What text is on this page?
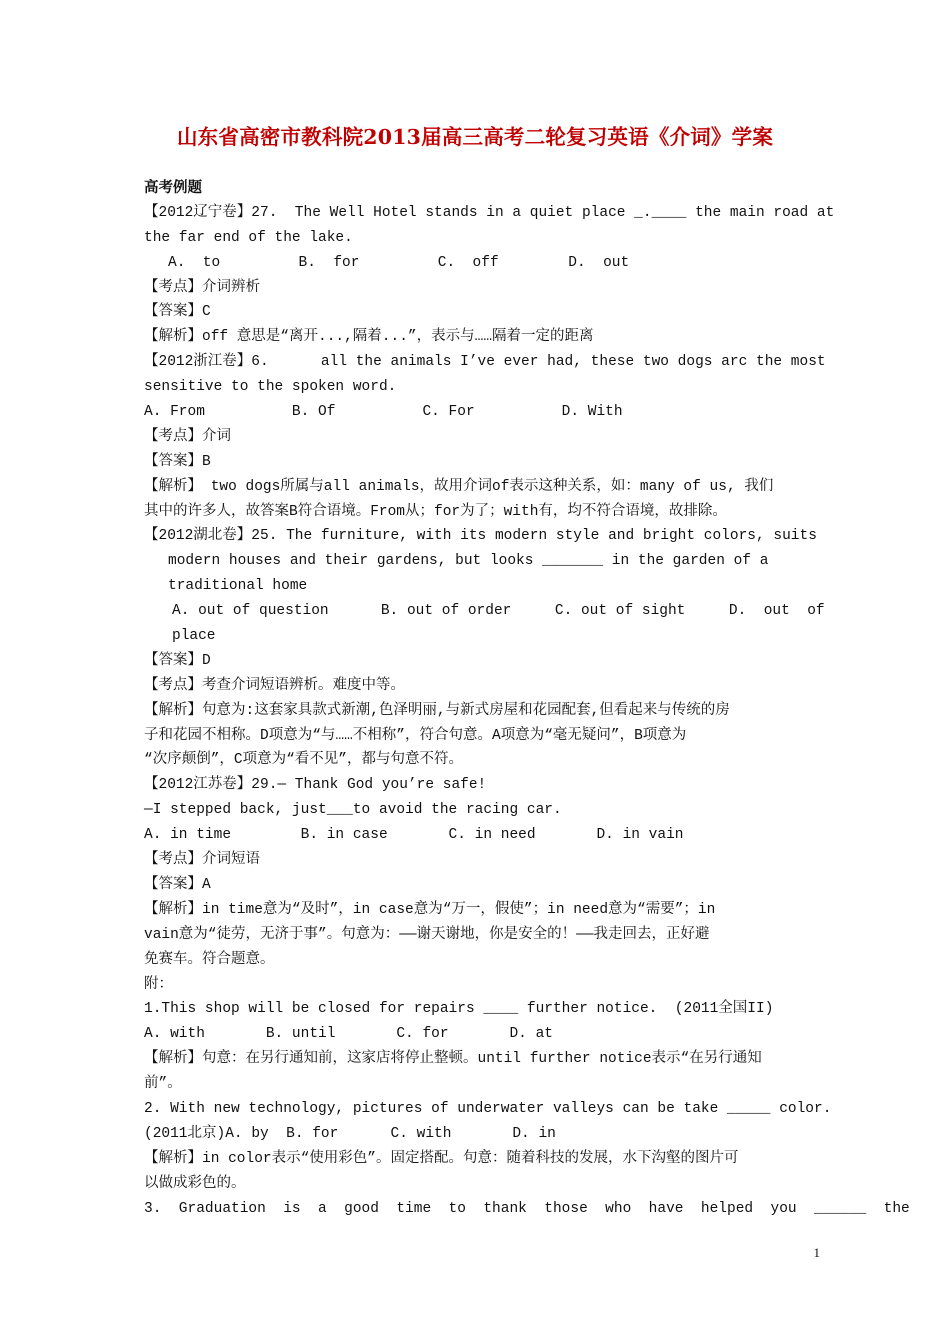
山东省高密市教科院2013届高三高考二轮复习英语《介词》学案
高考例题
【2012辽宁卷】27.  The Well Hotel stands in a quiet place _.____ the main road at
the far end of the lake.
A.  to         B.  for         C.  off        D.  out
【考点】介词辨析
【答案】C
【解析】off 意思是“离开...,隔着...”，表示与……隔着一定的距离
【2012浙江卷】6.      all the animals I’ve ever had, these two dogs arc the most
sensitive to the spoken word.
A. From          B. Of          C. For          D. With
【考点】介词
【答案】B
【解析】 two dogs所属与all animals，故用介词of表示这种关系，如：many of us, 我们
其中的许多人，故答案B符合语境。From从；for为了；with有，均不符合语境，故排除。
【2012湖北卷】25. The furniture, with its modern style and bright colors, suits
modern houses and their gardens, but looks _______ in the garden of a
traditional home
A. out of question      B. out of order     C. out of sight     D.  out  of
place
【答案】D
【考点】考查介词短语辨析。难度中等。
【解析】句意为:这套家具款式新潮,色泽明丽,与新式房屋和花园配套,但看起来与传统的房
子和花园不相称。D项意为“与……不相称”，符合句意。A项意为“毫无疑问”，B项意为
“次序颠倒”，C项意为“看不见”，都与句意不符。
【2012江苏卷】29.— Thank God you’re safe!
—I stepped back, just___to avoid the racing car.
A. in time        B. in case       C. in need       D. in vain
【考点】介词短语
【答案】A
【解析】in time意为“及时”，in case意为“万一，假使”；in need意为“需要”；in
vain意为“徒劳，无济于事”。句意为：——谢天谢地，你是安全的！——我走回去，正好避
免赛车。符合题意。
附：
1.This shop will be closed for repairs ____ further notice.  (2011全国II)
A. with       B. until       C. for       D. at
【解析】句意：在另行通知前，这家店将停止整顿。until further notice表示“在另行通知
前”。
2. With new technology, pictures of underwater valleys can be take _____ color.
(2011北京)A. by  B. for      C. with       D. in
【解析】in color表示“使用彩色”。固定搭配。句意：随着科技的发展，水下沟壑的图片可
以做成彩色的。
3.  Graduation  is  a  good  time  to  thank  those  who  have  helped  you  ______  the
1
